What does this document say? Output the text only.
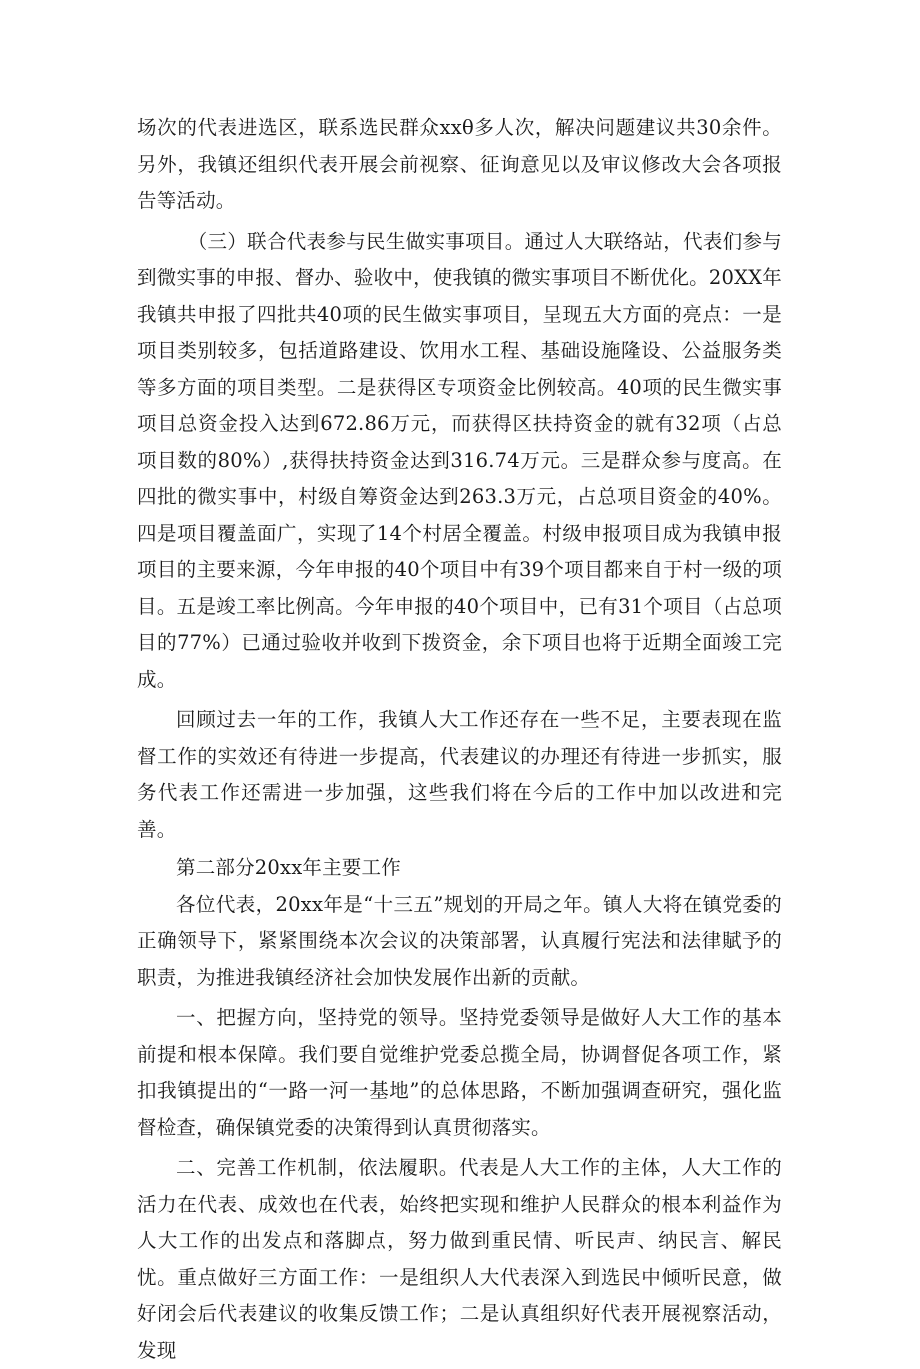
场次的代表进选区，联系选民群众xxθ多人次，解决问题建议共30余件。另外，我镇还组织代表开展会前视察、征询意见以及审议修改大会各项报告等活动。

（三）联合代表参与民生做实事项目。通过人大联络站，代表们参与到微实事的申报、督办、验收中，使我镇的微实事项目不断优化。20XX年我镇共申报了四批共40项的民生做实事项目，呈现五大方面的亮点：一是项目类别较多，包括道路建设、饮用水工程、基础设施隆设、公益服务类等多方面的项目类型。二是获得区专项资金比例较高。40项的民生微实事项目总资金投入达到672.86万元，而获得区扶持资金的就有32项（占总项目数的80%）,获得扶持资金达到316.74万元。三是群众参与度高。在四批的微实事中，村级自筹资金达到263.3万元，占总项目资金的40%。四是项目覆盖面广，实现了14个村居全覆盖。村级申报项目成为我镇申报项目的主要来源，今年申报的40个项目中有39个项目都来自于村一级的项目。五是竣工率比例高。今年申报的40个项目中，已有31个项目（占总项目的77%）已通过验收并收到下拨资金，余下项目也将于近期全面竣工完成。

回顾过去一年的工作，我镇人大工作还存在一些不足，主要表现在监督工作的实效还有待进一步提高，代表建议的办理还有待进一步抓实，服务代表工作还需进一步加强，这些我们将在今后的工作中加以改进和完善。

第二部分20xx年主要工作

各位代表，20xx年是“十三五”规划的开局之年。镇人大将在镇党委的正确领导下，紧紧围绕本次会议的决策部署，认真履行宪法和法律賦予的职责，为推进我镇经济社会加快发展作出新的贡献。

一、把握方向，坚持党的领导。坚持党委领导是做好人大工作的基本前提和根本保障。我们要自觉维护党委总揽全局，协调督促各项工作，紧扣我镇提出的“一路一河一基地”的总体思路，不断加强调查研究，强化监督检查，确保镇党委的决策得到认真贯彻落实。

二、完善工作机制，依法履职。代表是人大工作的主体，人大工作的活力在代表、成效也在代表，始终把实现和维护人民群众的根本利益作为人大工作的出发点和落脚点，努力做到重民情、听民声、纳民言、解民忧。重点做好三方面工作：一是组织人大代表深入到选民中倾听民意，做好闭会后代表建议的收集反馈工作；二是认真组织好代表开展视察活动，发现
